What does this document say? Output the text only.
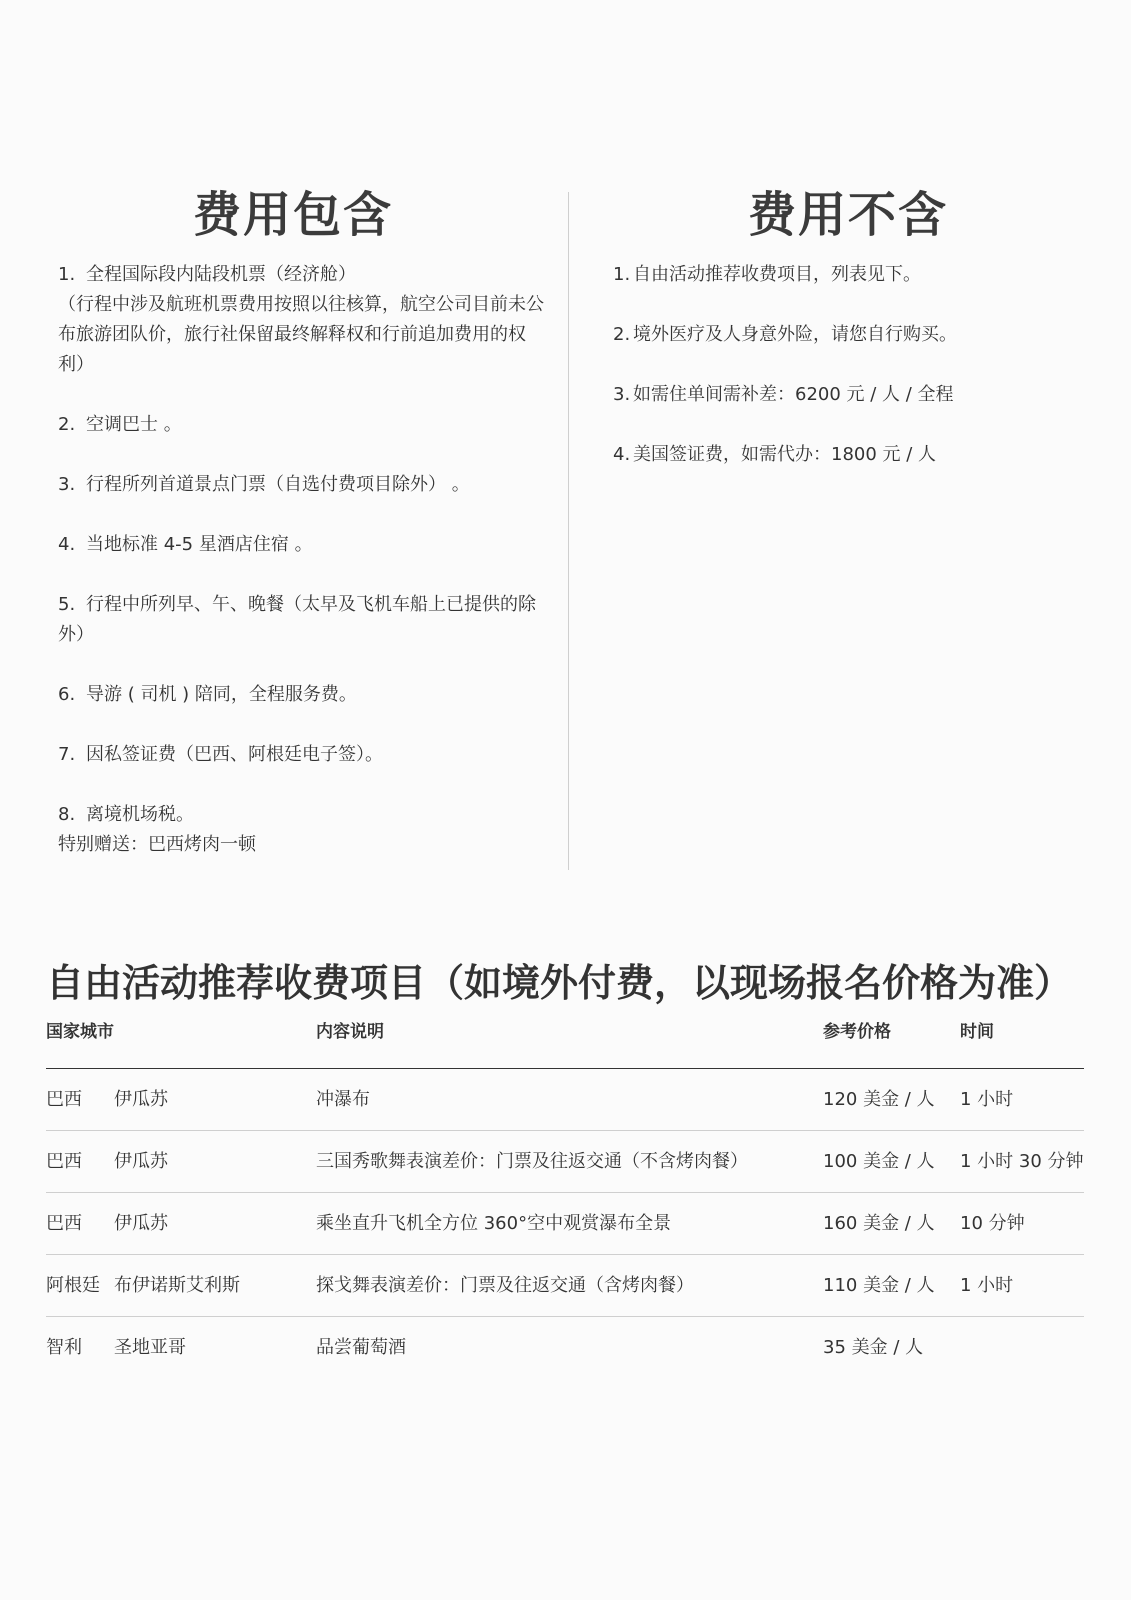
费用包含
1. 全程国际段内陆段机票（经济舱）
（行程中涉及航班机票费用按照以往核算，航空公司目前未公布旅游团队价，旅行社保留最终解释权和行前追加费用的权利）
2. 空调巴士 。
3. 行程所列首道景点门票（自选付费项目除外） 。
4. 当地标准 4-5 星酒店住宿 。
5. 行程中所列早、午、晚餐（太早及飞机车船上已提供的除外）
6. 导游 ( 司机 ) 陪同，全程服务费。
7. 因私签证费（巴西、阿根廷电子签）。
8. 离境机场税。
特别赠送：巴西烤肉一顿
费用不含
1. 自由活动推荐收费项目，列表见下。
2. 境外医疗及人身意外险，请您自行购买。
3. 如需住单间需补差：6200 元 / 人 / 全程
4. 美国签证费，如需代办：1800 元 / 人
自由活动推荐收费项目（如境外付费，以现场报名价格为准）
国家城市	内容说明	参考价格	时间
巴西 伊瓜苏	冲瀑布	120 美金 / 人 1 小时
巴西 伊瓜苏	三国秀歌舞表演差价：门票及往返交通（不含烤肉餐）	100 美金 / 人 1 小时 30 分钟
巴西 伊瓜苏	乘坐直升飞机全方位 360°空中观赏瀑布全景	160 美金 / 人 10 分钟
阿根廷 布伊诺斯艾利斯	探戈舞表演差价：门票及往返交通（含烤肉餐）	110 美金 / 人 1 小时
智利 圣地亚哥	品尝葡萄酒	35 美金 / 人
